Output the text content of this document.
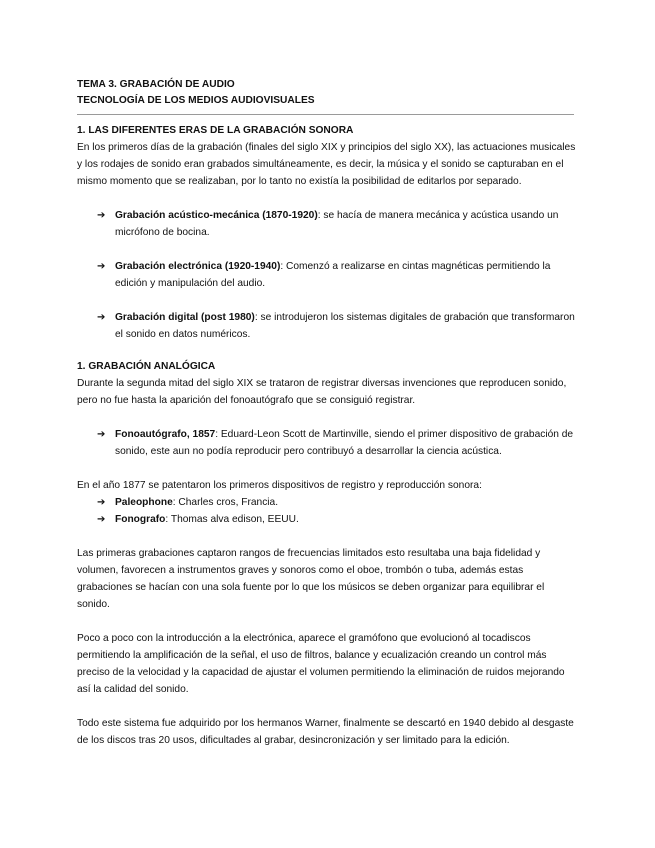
TEMA 3. GRABACIÓN DE AUDIO

TECNOLOGÍA DE LOS MEDIOS AUDIOVISUALES

1. LAS DIFERENTES ERAS DE LA GRABACIÓN SONORA

En los primeros días de la grabación (finales del siglo XIX y principios del siglo XX), las actuaciones musicales y los rodajes de sonido eran grabados simultáneamente, es decir, la música y el sonido se capturaban en el mismo momento que se realizaban, por lo tanto no existía la posibilidad de editarlos por separado.

➔ Grabación acústico-mecánica (1870-1920): se hacía de manera mecánica y acústica usando un micrófono de bocina.
➔ Grabación electrónica (1920-1940): Comenzó a realizarse en cintas magnéticas permitiendo la edición y manipulación del audio.
➔ Grabación digital (post 1980): se introdujeron los sistemas digitales de grabación que transformaron el sonido en datos numéricos.

1. GRABACIÓN ANALÓGICA

Durante la segunda mitad del siglo XIX se trataron de registrar diversas invenciones que reproducen sonido, pero no fue hasta la aparición del fonoautógrafo que se consiguió registrar.

➔ Fonoautógrafo, 1857: Eduard-Leon Scott de Martinville, siendo el primer dispositivo de grabación de sonido, este aun no podía reproducir pero contribuyó a desarrollar la ciencia acústica.

En el año 1877 se patentaron los primeros dispositivos de registro y reproducción sonora:

➔ Paleophone: Charles cros, Francia.
➔ Fonografo: Thomas alva edison, EEUU.

Las primeras grabaciones captaron rangos de frecuencias limitados esto resultaba una baja fidelidad y volumen, favorecen a instrumentos graves y sonoros como el oboe, trombón o tuba, además estas grabaciones se hacían con una sola fuente por lo que los músicos se deben organizar para equilibrar el sonido.

Poco a poco con la introducción a la electrónica, aparece el gramófono que evolucionó al tocadiscos permitiendo la amplificación de la señal, el uso de filtros, balance y ecualización creando un control más preciso de la velocidad y la capacidad de ajustar el volumen permitiendo la eliminación de ruidos mejorando así la calidad del sonido.

Todo este sistema fue adquirido por los hermanos Warner, finalmente se descartó en 1940 debido al desgaste de los discos tras 20 usos, dificultades al grabar, desincronización y ser limitado para la edición.
